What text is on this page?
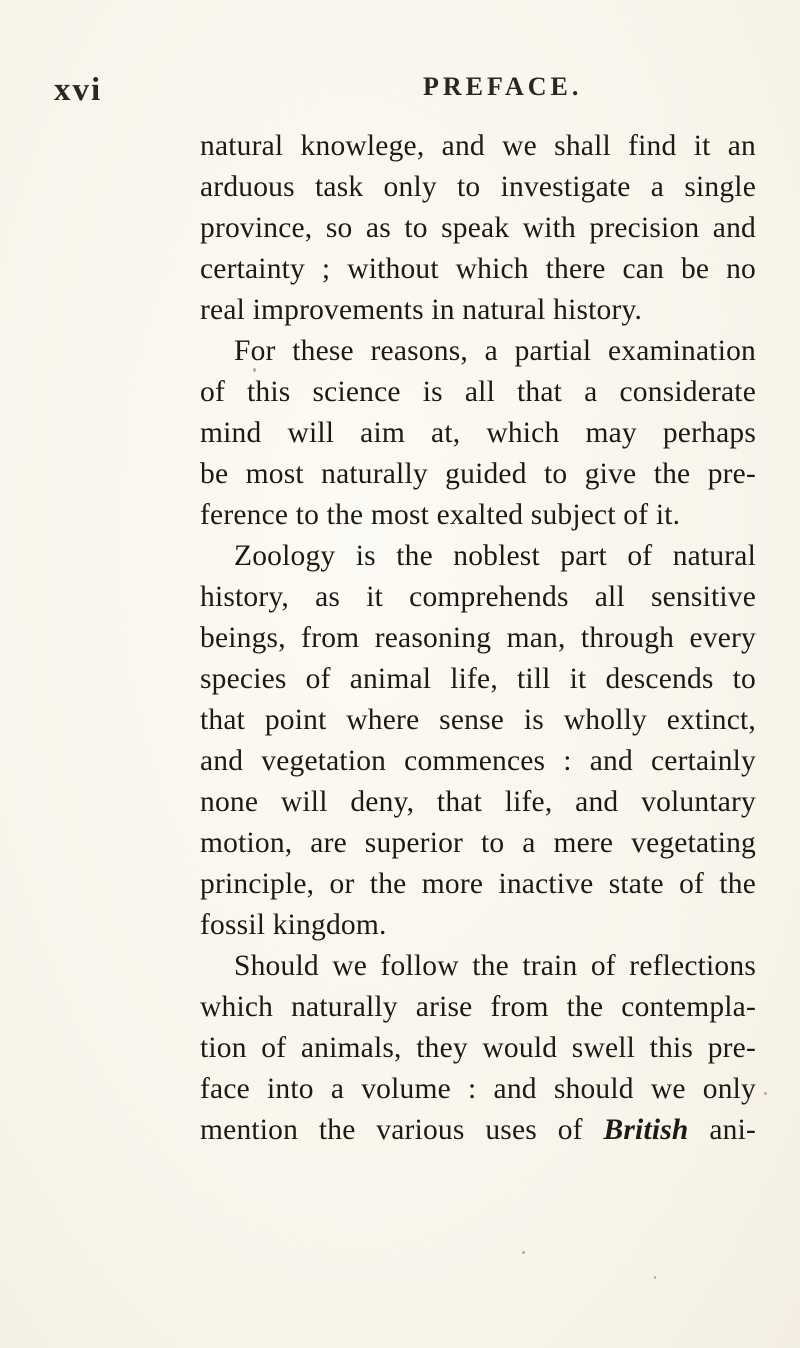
xvi	PREFACE.
natural knowlege, and we shall find it an
arduous task only to investigate a single
province, so as to speak with precision and
certainty ; without which there can be no
real improvements in natural history.
For these reasons, a partial examination
of this science is all that a considerate
mind will aim at, which may perhaps
be most naturally guided to give the pre-
ference to the most exalted subject of it.
Zoology is the noblest part of natural
history, as it comprehends all sensitive
beings, from reasoning man, through every
species of animal life, till it descends to
that point where sense is wholly extinct,
and vegetation commences : and certainly
none will deny, that life, and voluntary
motion, are superior to a mere vegetating
principle, or the more inactive state of the
fossil kingdom.
Should we follow the train of reflections
which naturally arise from the contempla-
tion of animals, they would swell this pre-
face into a volume : and should we only
mention the various uses of British ani-
